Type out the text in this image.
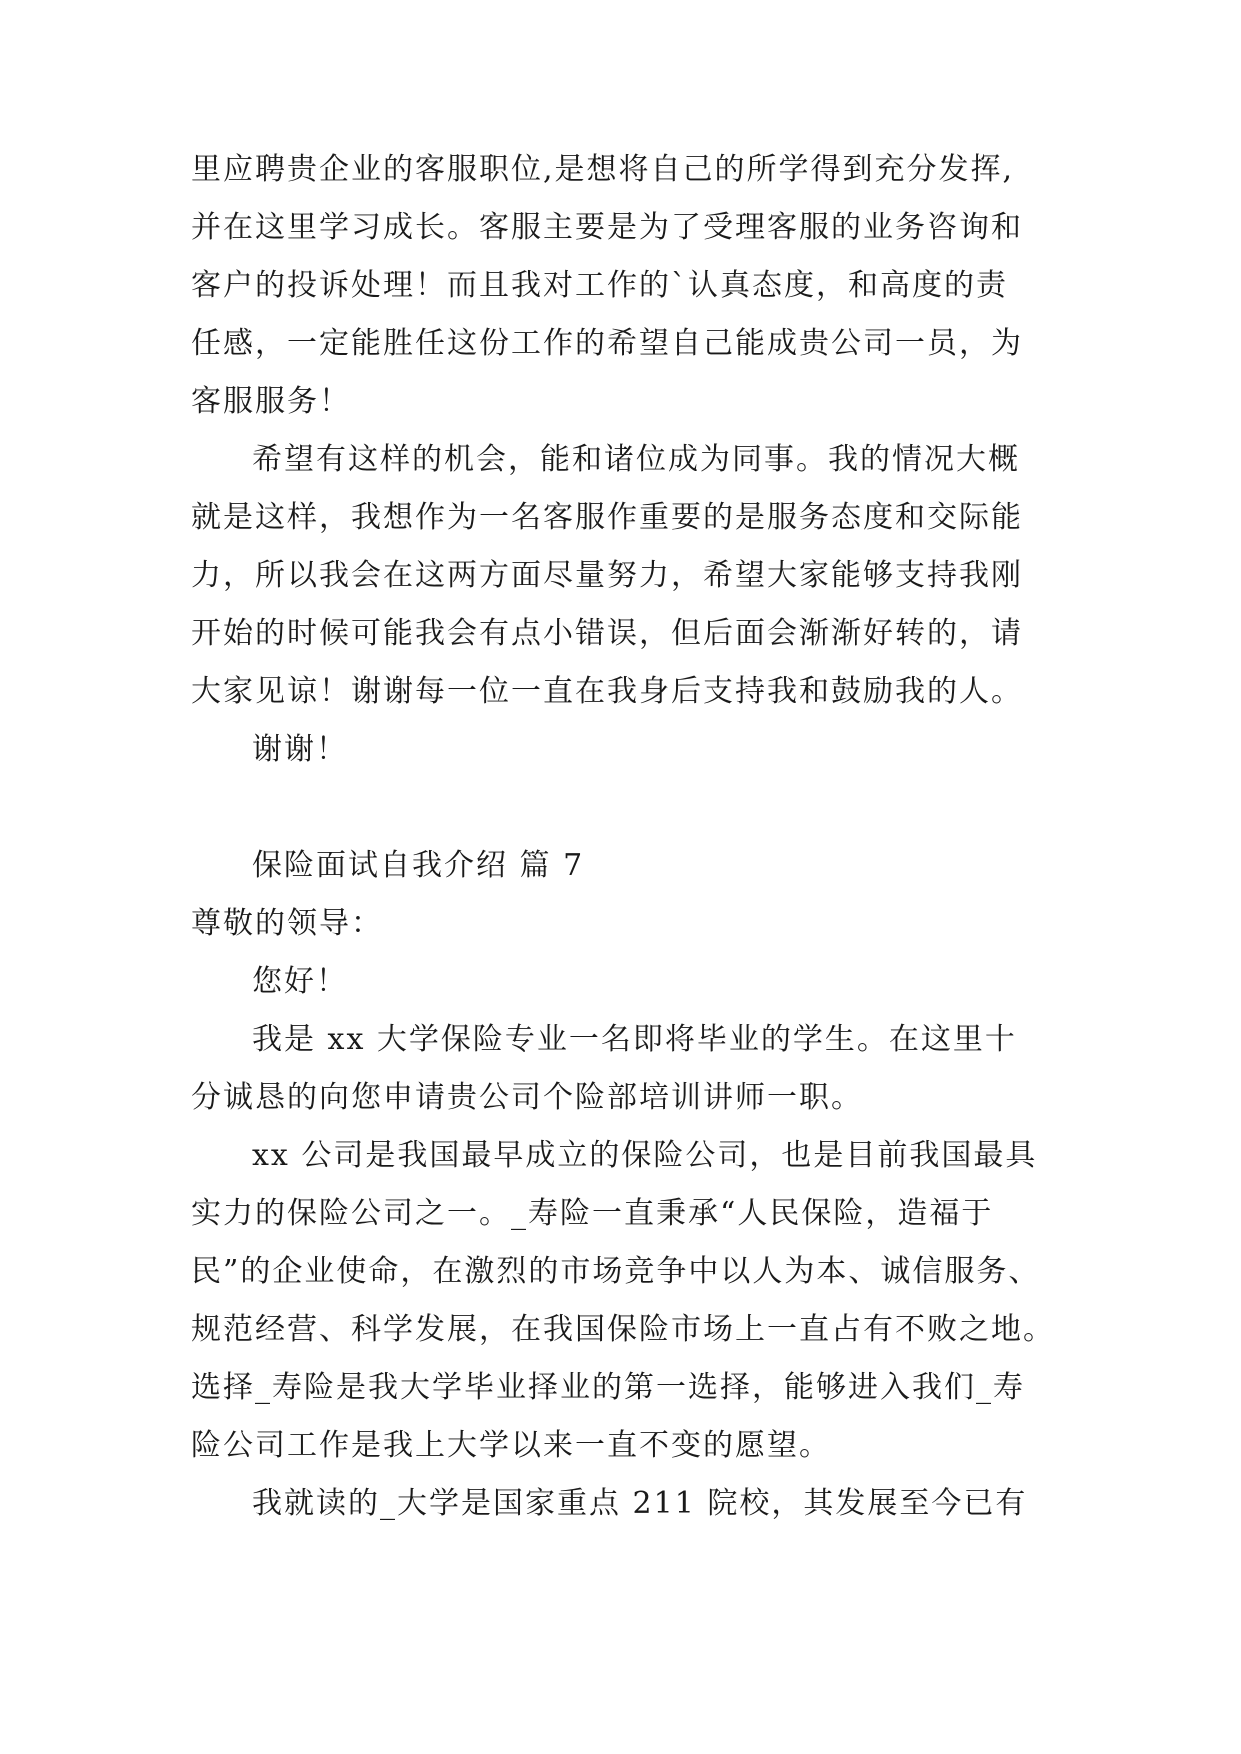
里应聘贵企业的客服职位,是想将自己的所学得到充分发挥,
并在这里学习成长。客服主要是为了受理客服的业务咨询和
客户的投诉处理！而且我对工作的`认真态度，和高度的责
任感，一定能胜任这份工作的希望自己能成贵公司一员，为
客服服务！
希望有这样的机会，能和诸位成为同事。我的情况大概
就是这样，我想作为一名客服作重要的是服务态度和交际能
力，所以我会在这两方面尽量努力，希望大家能够支持我刚
开始的时候可能我会有点小错误，但后面会渐渐好转的，请
大家见谅！谢谢每一位一直在我身后支持我和鼓励我的人。
谢谢！
保险面试自我介绍 篇 7
尊敬的领导：
您好！
我是 xx 大学保险专业一名即将毕业的学生。在这里十
分诚恳的向您申请贵公司个险部培训讲师一职。
xx 公司是我国最早成立的保险公司，也是目前我国最具
实力的保险公司之一。_寿险一直秉承“人民保险，造福于
民”的企业使命，在激烈的市场竞争中以人为本、诚信服务、
规范经营、科学发展，在我国保险市场上一直占有不败之地。
选择_寿险是我大学毕业择业的第一选择，能够进入我们_寿
险公司工作是我上大学以来一直不变的愿望。
我就读的_大学是国家重点 211 院校，其发展至今已有
